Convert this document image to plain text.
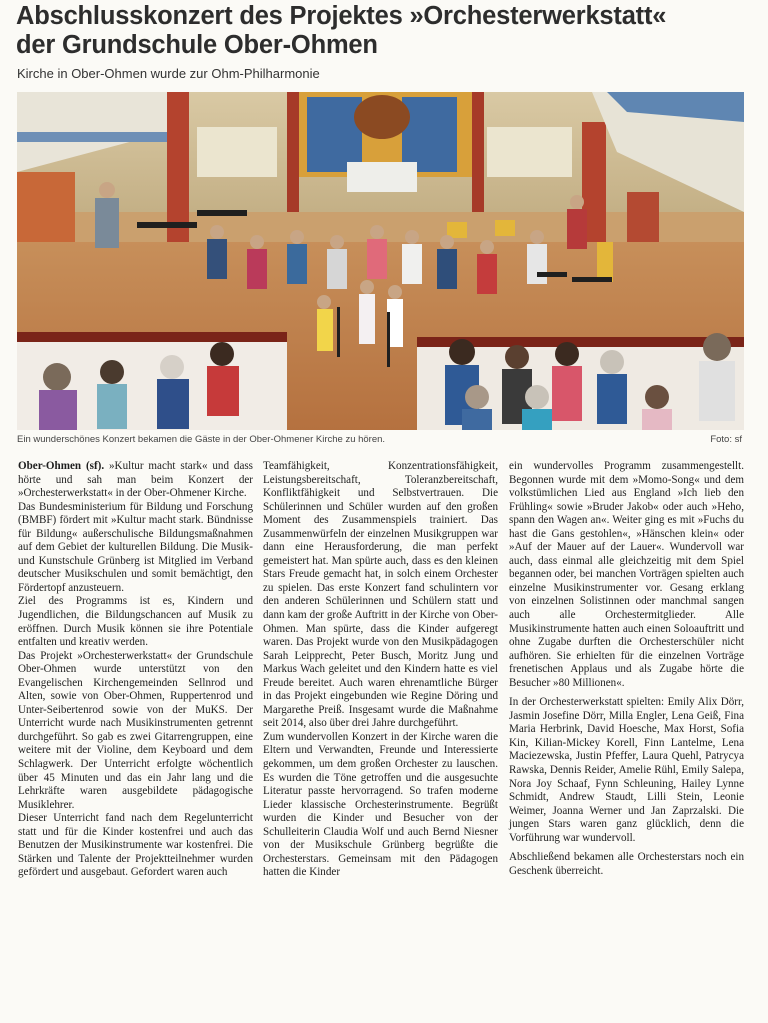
Abschlusskonzert des Projektes »Orchesterwerkstatt«
der Grundschule Ober-Ohmen
Kirche in Ober-Ohmen wurde zur Ohm-Philharmonie
Ein wunderschönes Konzert bekamen die Gäste in der Ober-Ohmener Kirche zu hören.	Foto: sf

Ober-Ohmen (sf). »Kultur macht stark« und dass hörte und sah man beim Konzert der »Orchesterwerkstatt« in der Ober-Ohmener Kirche.

Das Bundesministerium für Bildung und Forschung (BMBF) fördert mit »Kultur macht stark. Bündnisse für Bildung« außerschulische Bildungsmaßnahmen auf dem Gebiet der kulturellen Bildung. Die Musik- und Kunstschule Grünberg ist Mitglied im Verband deutscher Musikschulen und somit bemächtigt, den Fördertopf anzusteuern.

Ziel des Programms ist es, Kindern und Jugendlichen, die Bildungschancen auf Musik zu eröffnen. Durch Musik können sie ihre Potentiale entfalten und kreativ werden.

Das Projekt »Orchesterwerkstatt« der Grundschule Ober-Ohmen wurde unterstützt von den Evangelischen Kirchengemeinden Sellnrod und Alten, sowie von Ober-Ohmen, Ruppertenrod und Unter-Seibertenrod sowie von der MuKS. Der Unterricht wurde nach Musikinstrumenten getrennt durchgeführt. So gab es zwei Gitarrengruppen, eine weitere mit der Violine, dem Keyboard und dem Schlagwerk. Der Unterricht erfolgte wöchentlich über 45 Minuten und das ein Jahr lang und die Lehrkräfte waren ausgebildete pädagogische Musiklehrer.

Dieser Unterricht fand nach dem Regelunterricht statt und für die Kinder kostenfrei und auch das Benutzen der Musikinstrumente war kostenfrei. Die Stärken und Talente der Projektteilnehmer wurden gefördert und ausgebaut. Gefordert waren auch

Teamfähigkeit, Konzentrationsfähigkeit, Leistungsbereitschaft, Toleranzbereitschaft, Konfliktfähigkeit und Selbstvertrauen. Die Schülerinnen und Schüler wurden auf den großen Moment des Zusammenspiels trainiert. Das Zusammenwürfeln der einzelnen Musikgruppen war dann eine Herausforderung, die man perfekt gemeistert hat. Man spürte auch, dass es den kleinen Stars Freude gemacht hat, in solch einem Orchester zu spielen. Das erste Konzert fand schulintern vor den anderen Schülerinnen und Schülern statt und dann kam der große Auftritt in der Kirche von Ober-Ohmen. Man spürte, dass die Kinder aufgeregt waren. Das Projekt wurde von den Musikpädagogen Sarah Leipprecht, Peter Busch, Moritz Jung und Markus Wach geleitet und den Kindern hatte es viel Freude bereitet. Auch waren ehrenamtliche Bürger in das Projekt eingebunden wie Regine Döring und Margarethe Preiß. Insgesamt wurde die Maßnahme seit 2014, also über drei Jahre durchgeführt.

Zum wundervollen Konzert in der Kirche waren die Eltern und Verwandten, Freunde und Interessierte gekommen, um dem großen Orchester zu lauschen. Es wurden die Töne getroffen und die ausgesuchte Literatur passte hervorragend. So trafen moderne Lieder klassische Orchesterinstrumente. Begrüßt wurden die Kinder und Besucher von der Schulleiterin Claudia Wolf und auch Bernd Niesner von der Musikschule Grünberg begrüßte die Orchesterstars. Gemeinsam mit den Pädagogen hatten die Kinder

ein wundervolles Programm zusammengestellt. Begonnen wurde mit dem »Momo-Song« und dem volkstümlichen Lied aus England »Ich lieb den Frühling« sowie »Bruder Jakob« oder auch »Heho, spann den Wagen an«. Weiter ging es mit »Fuchs du hast die Gans gestohlen«, »Hänschen klein« oder »Auf der Mauer auf der Lauer«. Wundervoll war auch, dass einmal alle gleichzeitig mit dem Spiel begannen oder, bei manchen Vorträgen spielten auch einzelne Musikinstrumenter vor. Gesang erklang von einzelnen Solistinnen oder manchmal sangen auch alle Orchestermitglieder. Alle Musikinstrumente hatten auch einen Soloauftritt und ohne Zugabe durften die Orchesterschüler nicht aufhören. Sie erhielten für die einzelnen Vorträge frenetischen Applaus und als Zugabe hörte die Besucher »80 Millionen«.

In der Orchesterwerkstatt spielten: Emily Alix Dörr, Jasmin Josefine Dörr, Milla Engler, Lena Geiß, Fina Maria Herbrink, David Hoesche, Max Horst, Sofia Kin, Kilian-Mickey Korell, Finn Lantelme, Lena Maciezewska, Justin Pfeffer, Laura Quehl, Patrycya Rawska, Dennis Reider, Amelie Rühl, Emily Salepa, Nora Joy Schaaf, Fynn Schleuning, Hailey Lynne Schmidt, Andrew Staudt, Lilli Stein, Leonie Weimer, Joanna Werner und Jan Zaprzalski. Die jungen Stars waren ganz glücklich, denn die Vorführung war wundervoll.

Abschließend bekamen alle Orchesterstars noch ein Geschenk überreicht.
